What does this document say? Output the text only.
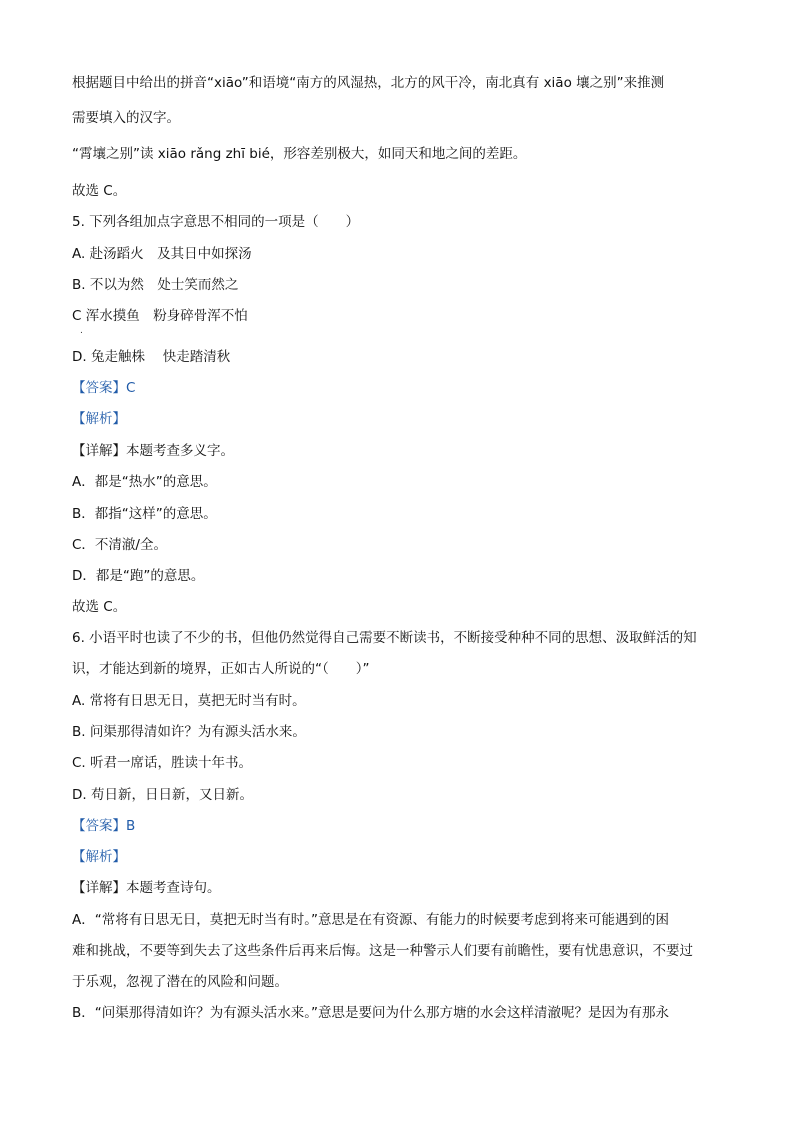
根据题目中给出的拼音“xiāo”和语境“南方的风湿热，北方的风干冷，南北真有 xiāo 壤之别”来推测
需要填入的汉字。
“霄壤之别”读 xiāo rǎng zhī bié，形容差别极大，如同天和地之间的差距。
故选 C。
5. 下列各组加点字意思不相同的一项是（　　）
A. 赴汤蹈火　及其日中如探汤
B. 不以为然　处士笑而然之
C 浑水摸鱼　粉身碎骨浑不怕
.
D. 兔走触株　 快走踏清秋
【答案】C
【解析】
【详解】本题考查多义字。
A．都是“热水”的意思。
B．都指“这样”的意思。
C．不清澈/全。
D．都是“跑”的意思。
故选 C。
6. 小语平时也读了不少的书，但他仍然觉得自己需要不断读书，不断接受种种不同的思想、汲取鲜活的知
识，才能达到新的境界，正如古人所说的“（　　）”
A. 常将有日思无日，莫把无时当有时。
B. 问渠那得清如许？为有源头活水来。
C. 听君一席话，胜读十年书。
D. 苟日新，日日新，又日新。
【答案】B
【解析】
【详解】本题考查诗句。
A．“常将有日思无日，莫把无时当有时。”意思是在有资源、有能力的时候要考虑到将来可能遇到的困
难和挑战，不要等到失去了这些条件后再来后悔。这是一种警示人们要有前瞻性，要有忧患意识，不要过
于乐观，忽视了潜在的风险和问题。
B．“问渠那得清如许？为有源头活水来。”意思是要问为什么那方塘的水会这样清澈呢？是因为有那永
